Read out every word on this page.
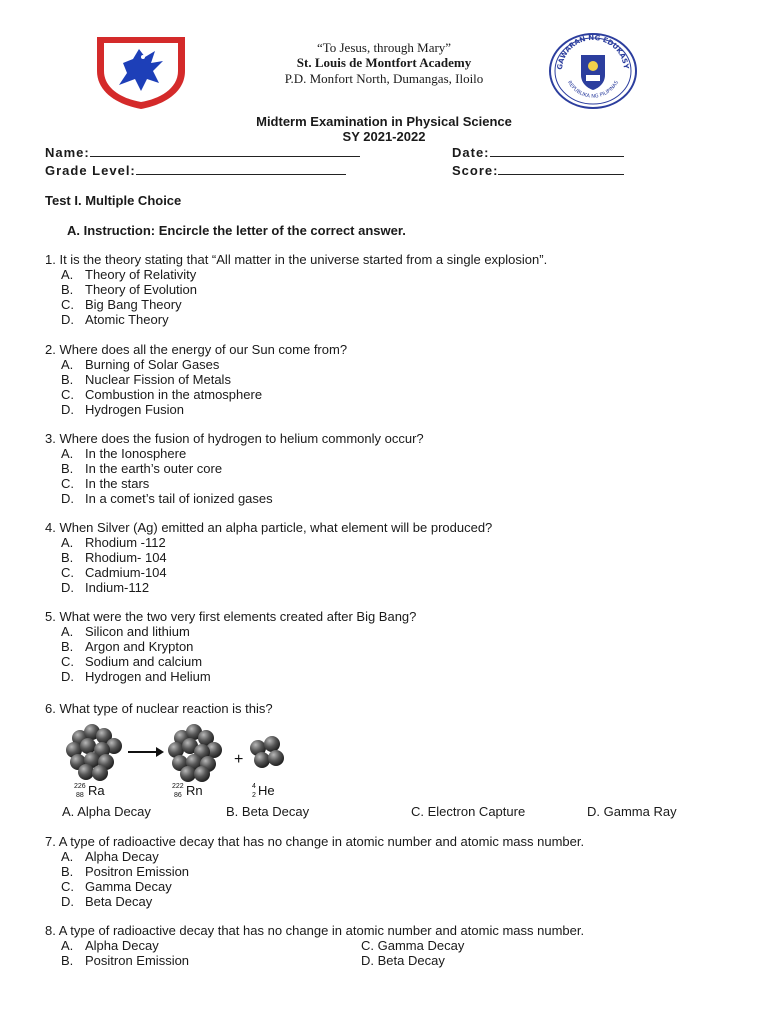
“To Jesus, through Mary”
St. Louis de Montfort Academy
P.D. Monfort North, Dumangas, Iloilo
GAWARAN NG EDUKASY
REPUBLIKA NG PILIPINAS
Midterm Examination in Physical Science
SY 2021-2022
Name:	Date:
Grade Level:	Score:
Test I. Multiple Choice
A. Instruction: Encircle the letter of the correct answer.
1. It is the theory stating that “All matter in the universe started from a single explosion”.
A. Theory of Relativity
B. Theory of Evolution
C. Big Bang Theory
D. Atomic Theory
2. Where does all the energy of our Sun come from?
A. Burning of Solar Gases
B. Nuclear Fission of Metals
C. Combustion in the atmosphere
D. Hydrogen Fusion
3. Where does the fusion of hydrogen to helium commonly occur?
A. In the Ionosphere
B. In the earth’s outer core
C. In the stars
D. In a comet’s tail of ionized gases
4. When Silver (Ag) emitted an alpha particle, what element will be produced?
A. Rhodium -112
B. Rhodium- 104
C. Cadmium-104
D. Indium-112
5. What were the two very first elements created after Big Bang?
A. Silicon and lithium
B. Argon and Krypton
C. Sodium and calcium
D. Hydrogen and Helium
6. What type of nuclear reaction is this?
+
226
88 Ra	222
86 Rn	4
2 He
A. Alpha Decay	B. Beta Decay	C. Electron Capture	D. Gamma Ray
7. A type of radioactive decay that has no change in atomic number and atomic mass number.
A. Alpha Decay
B. Positron Emission
C. Gamma Decay
D. Beta Decay
8. A type of radioactive decay that has no change in atomic number and atomic mass number.
A. Alpha Decay
B. Positron Emission
C. Gamma Decay
D. Beta Decay
